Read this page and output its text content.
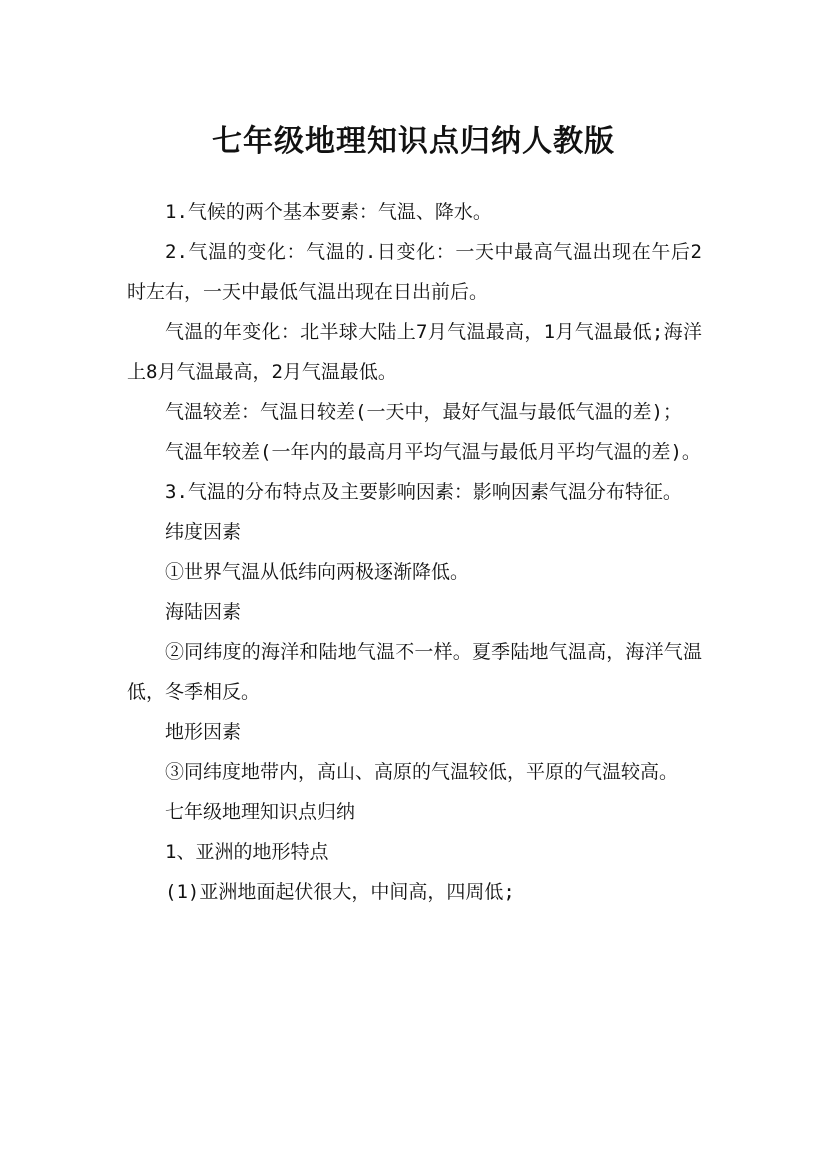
七年级地理知识点归纳人教版

1.气候的两个基本要素：气温、降水。

2.气温的变化：气温的.日变化：一天中最高气温出现在午后2时左右，一天中最低气温出现在日出前后。

气温的年变化：北半球大陆上7月气温最高，1月气温最低;海洋上8月气温最高，2月气温最低。

气温较差：气温日较差(一天中，最好气温与最低气温的差)；

气温年较差(一年内的最高月平均气温与最低月平均气温的差)。

3.气温的分布特点及主要影响因素：影响因素气温分布特征。

纬度因素

①世界气温从低纬向两极逐渐降低。

海陆因素

②同纬度的海洋和陆地气温不一样。夏季陆地气温高，海洋气温低，冬季相反。

地形因素

③同纬度地带内，高山、高原的气温较低，平原的气温较高。

七年级地理知识点归纳

1、亚洲的地形特点

(1)亚洲地面起伏很大，中间高，四周低;
